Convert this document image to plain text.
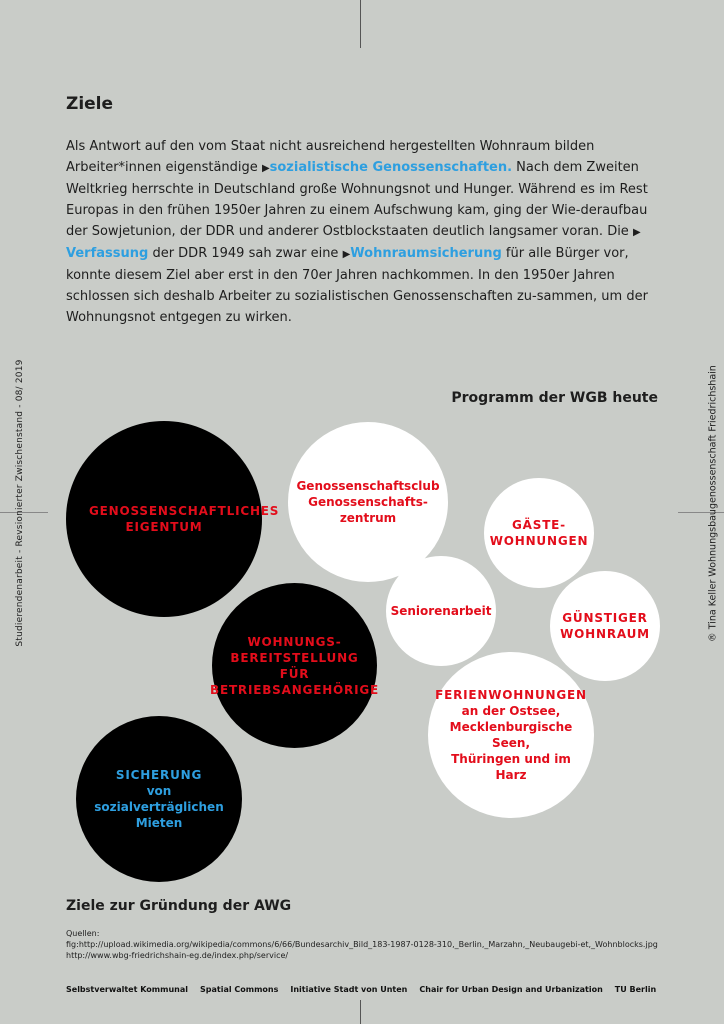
Studierendenarbeit - Revsionierter Zwischenstand - 08/ 2019	® Tina Keller Wohnungsbaugenossenschaft Friedrichshain
Ziele

Als Antwort auf den vom Staat nicht ausreichend hergestellten Wohnraum bilden Arbeiter*innen eigenständige ▶sozialistische Genossenschaften. Nach dem Zweiten Weltkrieg herrschte in Deutschland große Wohnungsnot und Hunger. Während es im Rest Europas in den frühen 1950er Jahren zu einem Aufschwung kam, ging der Wie-deraufbau der Sowjetunion, der DDR und anderer Ostblockstaaten deutlich langsamer voran. Die ▶ Verfassung der DDR 1949 sah zwar eine ▶Wohnraumsicherung für alle Bürger vor, konnte diesem Ziel aber erst in den 70er Jahren nachkommen. In den 1950er Jahren schlossen sich deshalb Arbeiter zu sozialistischen Genossenschaften zu-sammen, um der Wohnungsnot entgegen zu wirken.

Programm der WGB heute
GENOSSENSCHAFTLICHES EIGENTUM
Genossenschaftsclub
Genossenschafts-
zentrum	GÄSTE-
WOHNUNGEN
Seniorenarbeit	GÜNSTIGER
WOHNRAUM
WOHNUNGS-
BEREITSTELLUNG FÜR
BETRIEBSANGEHÖRIGE	FERIENWOHNUNGEN
an der Ostsee,
Mecklenburgische Seen,
Thüringen und im Harz
SICHERUNG
von sozialverträglichen
Mieten
Ziele zur Gründung der AWG
Quellen:
fig:http://upload.wikimedia.org/wikipedia/commons/6/66/Bundesarchiv_Bild_183-1987-0128-310,_Berlin,_Marzahn,_Neubaugebi-et,_Wohnblocks.jpg
http://www.wbg-friedrichshain-eg.de/index.php/service/
Selbstverwaltet Kommunal Spatial Commons Initiative Stadt von Unten Chair for Urban Design and Urbanization TU Berlin
